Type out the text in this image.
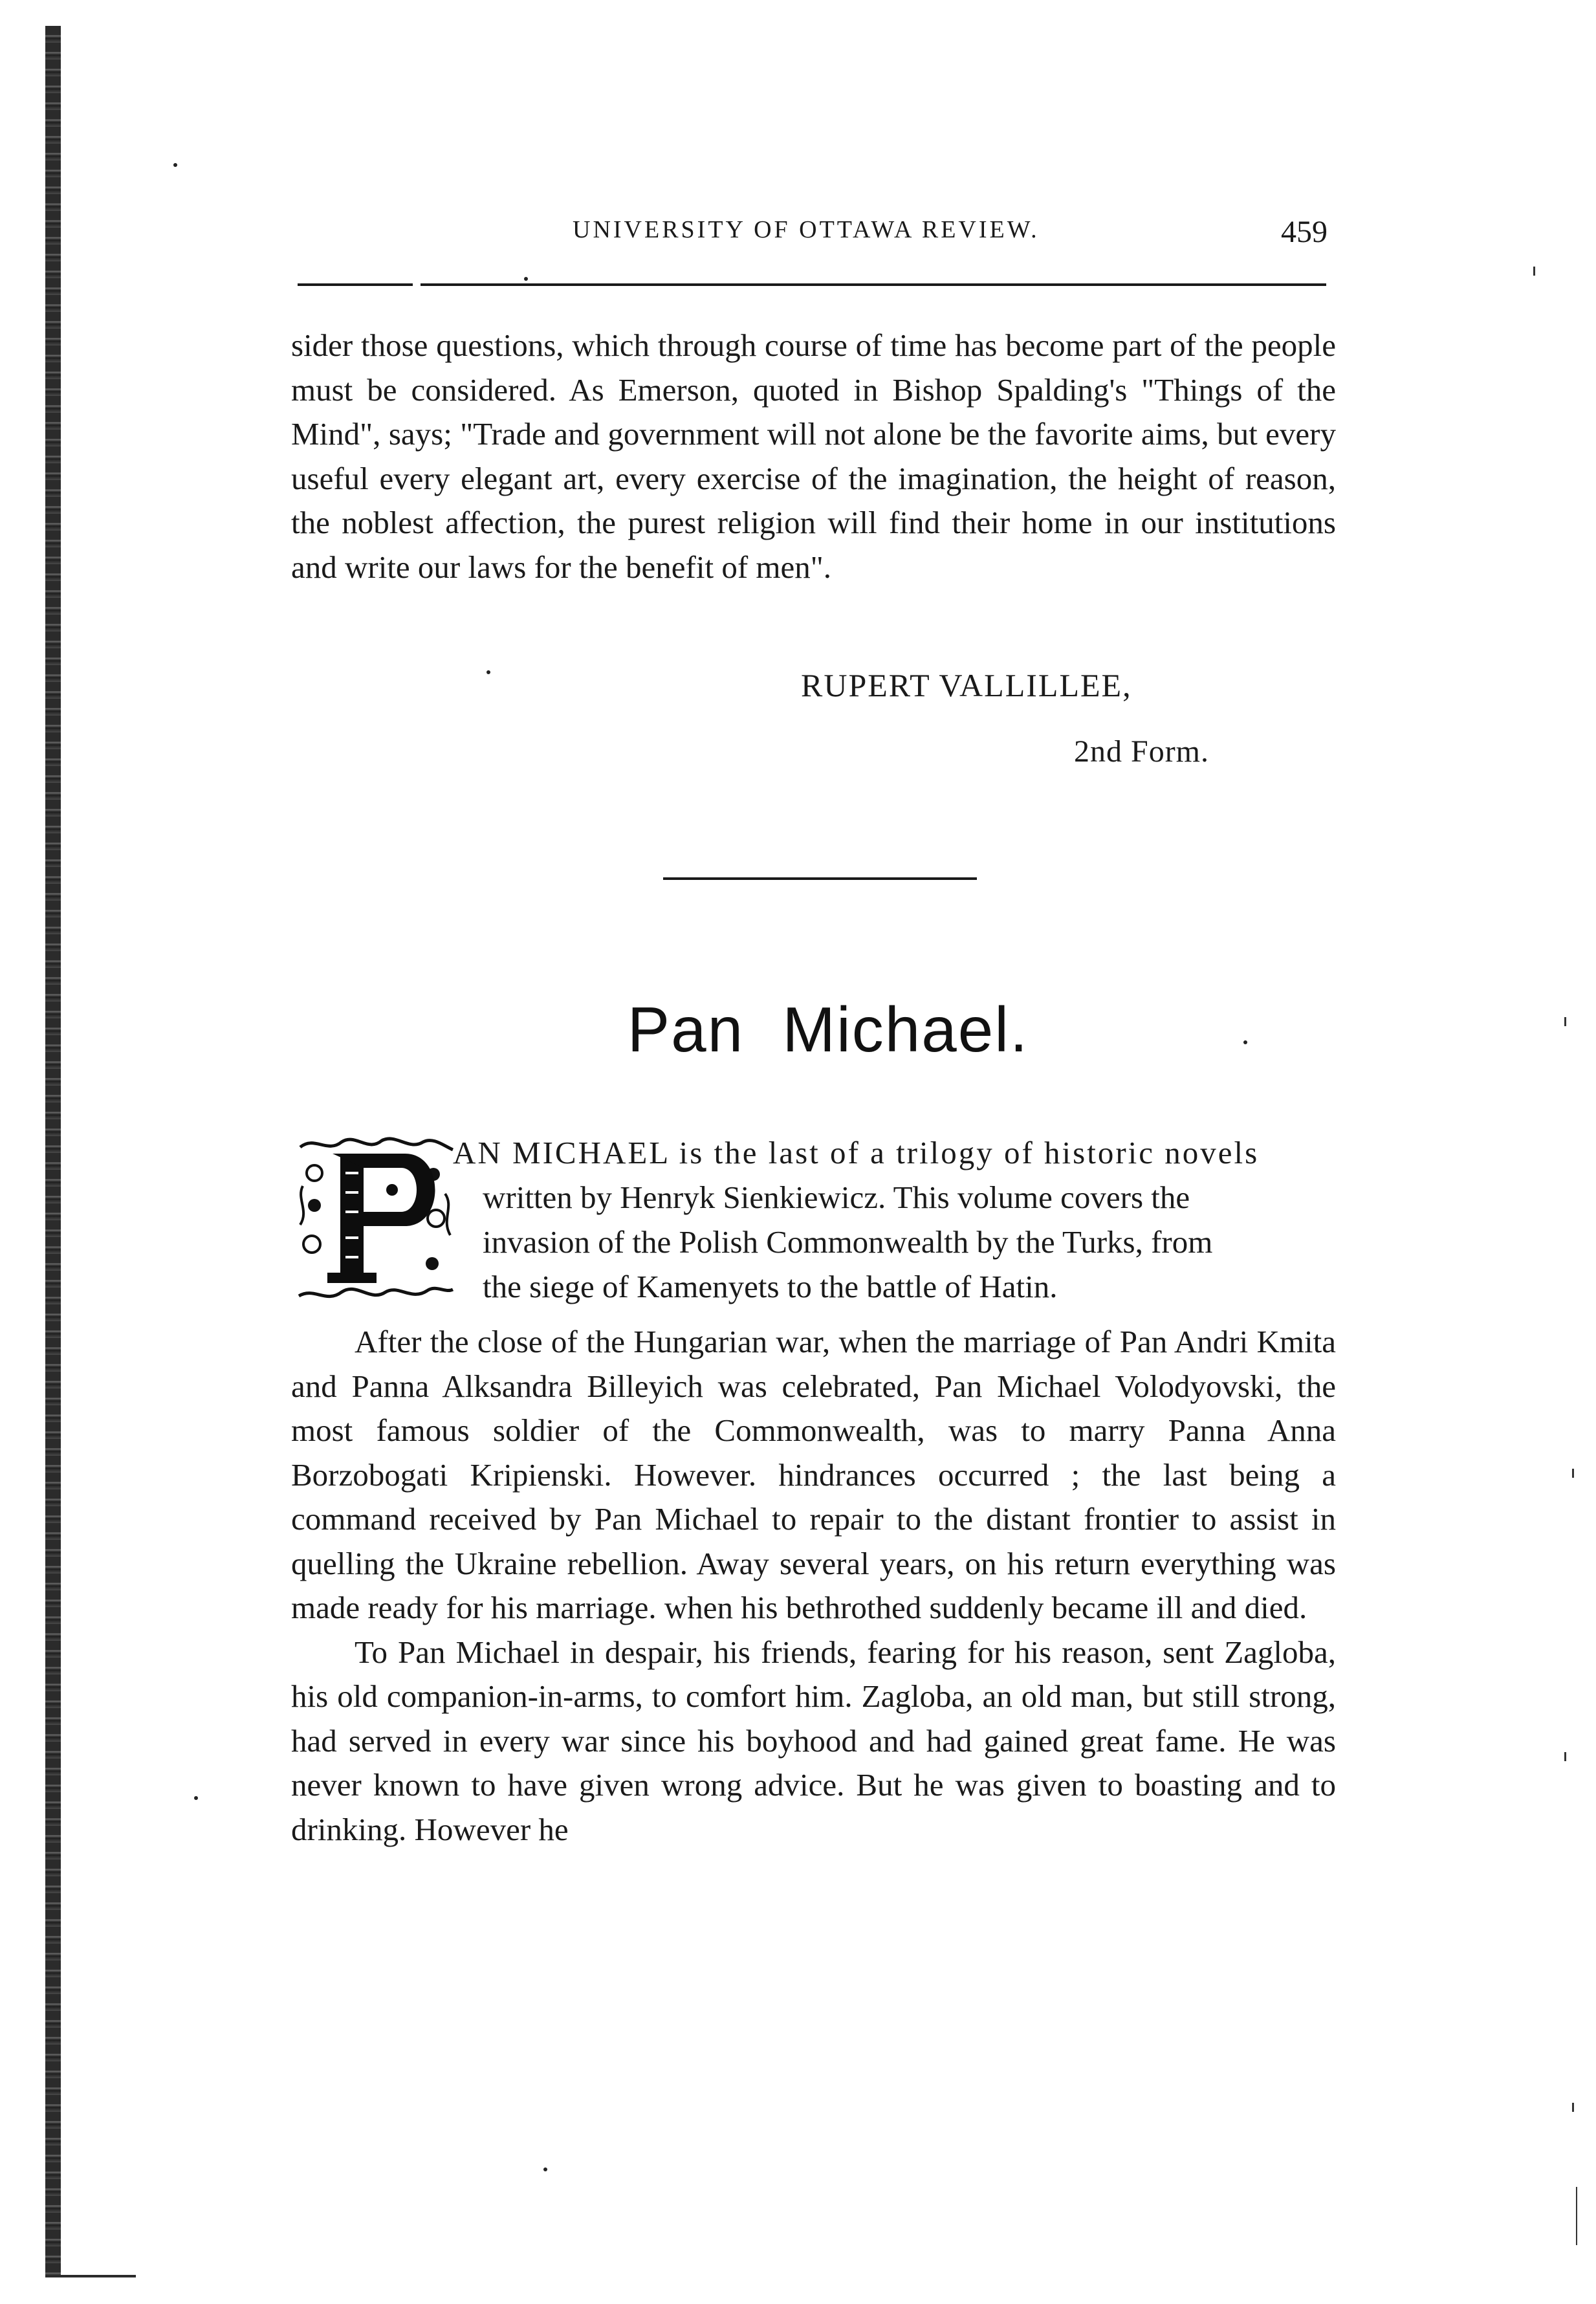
UNIVERSITY OF OTTAWA REVIEW.	459

sider those questions, which through course of time has become part of the people must be considered. As Emerson, quoted in Bishop Spalding's "Things of the Mind", says; "Trade and government will not alone be the favorite aims, but every useful every elegant art, every exercise of the imagination, the height of reason, the noblest affection, the purest religion will find their home in our institutions and write our laws for the benefit of men".

RUPERT VALLILLEE,
2nd Form.
Pan Michael.
AN MICHAEL is the last of a trilogy of historic novels
written by Henryk Sienkiewicz. This volume covers the
invasion of the Polish Commonwealth by the Turks, from
the siege of Kamenyets to the battle of Hatin.

After the close of the Hungarian war, when the marriage of Pan Andri Kmita and Panna Alksandra Billeyich was celebrated, Pan Michael Volodyovski, the most famous soldier of the Commonwealth, was to marry Panna Anna Borzobogati Kripienski. However. hindrances occurred ; the last being a command received by Pan Michael to repair to the distant frontier to assist in quelling the Ukraine rebellion. Away several years, on his return everything was made ready for his marriage. when his bethrothed suddenly became ill and died.

To Pan Michael in despair, his friends, fearing for his reason, sent Zagloba, his old companion-in-arms, to comfort him. Zagloba, an old man, but still strong, had served in every war since his boyhood and had gained great fame. He was never known to have given wrong advice. But he was given to boasting and to drinking. However he
